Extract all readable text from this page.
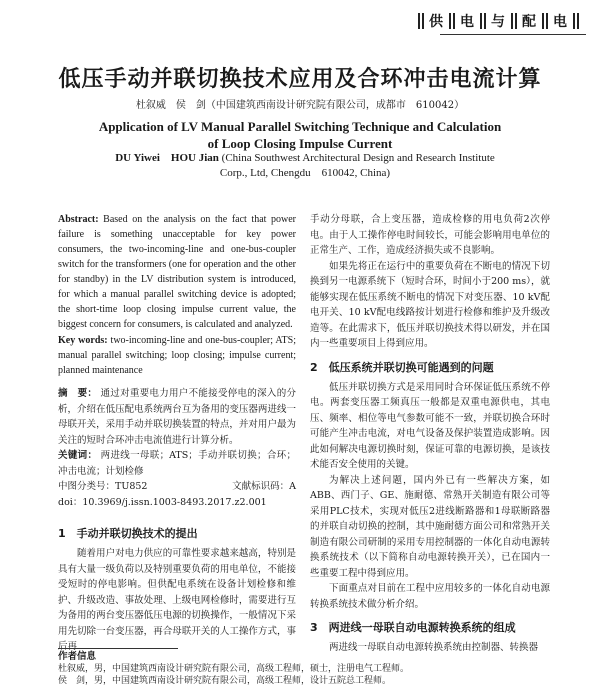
供 电 与 配 电
低压手动并联切换技术应用及合环冲击电流计算
杜叙威　侯　剑（中国建筑西南设计研究院有限公司，成都市　610042）
Application of LV Manual Parallel Switching Technique and Calculation
of Loop Closing Impulse Current
DU Yiwei　HOU Jian (China Southwest Architectural Design and Research Institute
Corp., Ltd, Chengdu　610042, China)

Abstract: Based on the analysis on the fact that power failure is something unacceptable for key power consumers, the two-incoming-line and one-bus-coupler switch for the transformers (one for operation and the other for standby) in the LV distribution system is introduced, for which a manual parallel switching device is adopted; the short-time loop closing impulse current value, the biggest concern for consumers, is calculated and analyzed.

Key words: two-incoming-line and one-bus-coupler; ATS; manual parallel switching; loop closing; impulse current; planned maintenance

摘　要： 通过对重要电力用户不能接受停电的深入的分析，介绍在低压配电系统两台互为备用的变压器两进线一母联开关，采用手动并联切换装置的特点，并对用户最为关注的短时合环冲击电流值进行计算分析。

关键词： 两进线一母联；ATS；手动并联切换；合环；冲击电流；计划检修

中图分类号：TU852	文献标识码：A
doi：10.3969/j.issn.1003-8493.2017.z2.001
1　手动并联切换技术的提出

随着用户对电力供应的可靠性要求越来越高，特别是具有大量一级负荷以及特别重要负荷的用电单位，不能接受短时的停电影响。但供配电系统在设备计划检修和维护、升级改造、事故处理、上级电网检修时，需要进行互为备用的两台变压器低压电源的切换操作，一般情况下采用先切除一台变压器，再合母联开关的人工操作方式，事后再

手动分母联，合上变压器，造成检修的用电负荷2次停电。由于人工操作停电时间较长，可能会影响用电单位的正常生产、工作，造成经济损失或不良影响。

如果先将正在运行中的重要负荷在不断电的情况下切换到另一电源系统下（短时合环，时间小于200 ms），就能够实现在低压系统不断电的情况下对变压器、10 kV配电开关、10 kV配电线路按计划进行检修和维护及升级改造等。在此需求下，低压并联切换技术得以研发，并在国内一些重要项目上得到应用。

2　低压系统并联切换可能遇到的问题

低压并联切换方式是采用同时合环保证低压系统不停电。两套变压器工频真压一般都是双重电源供电，其电压、频率、相位等电气参数可能不一致，并联切换合环时可能产生冲击电流，对电气设备及保护装置造成影响。因此如何解决电源切换时刻，保证可靠的电源切换，是该技术能否安全使用的关键。

为解决上述问题，国内外已有一些解决方案，如ABB、西门子、GE、施耐德、常熟开关制造有限公司等采用PLC技术，实现对低压2进线断路器和1母联断路器的并联自动切换的控制，其中施耐德方面公司和常熟开关制造有限公司研制的采用专用控制器的一体化自动电源转换系统技术（以下简称自动电源转换开关），已在国内一些重要工程中得到应用。

下面重点对目前在工程中应用较多的一体化自动电源转换系统技术做分析介绍。

3　两进线一母联自动电源转换系统的组成

两进线一母联自动电源转换系统由控制器、转换器

作者信息
杜叙威，男，中国建筑西南设计研究院有限公司，高级工程师，硕士，注册电气工程师。
侯　剑，男，中国建筑西南设计研究院有限公司，高级工程师，设计五院总工程师。
